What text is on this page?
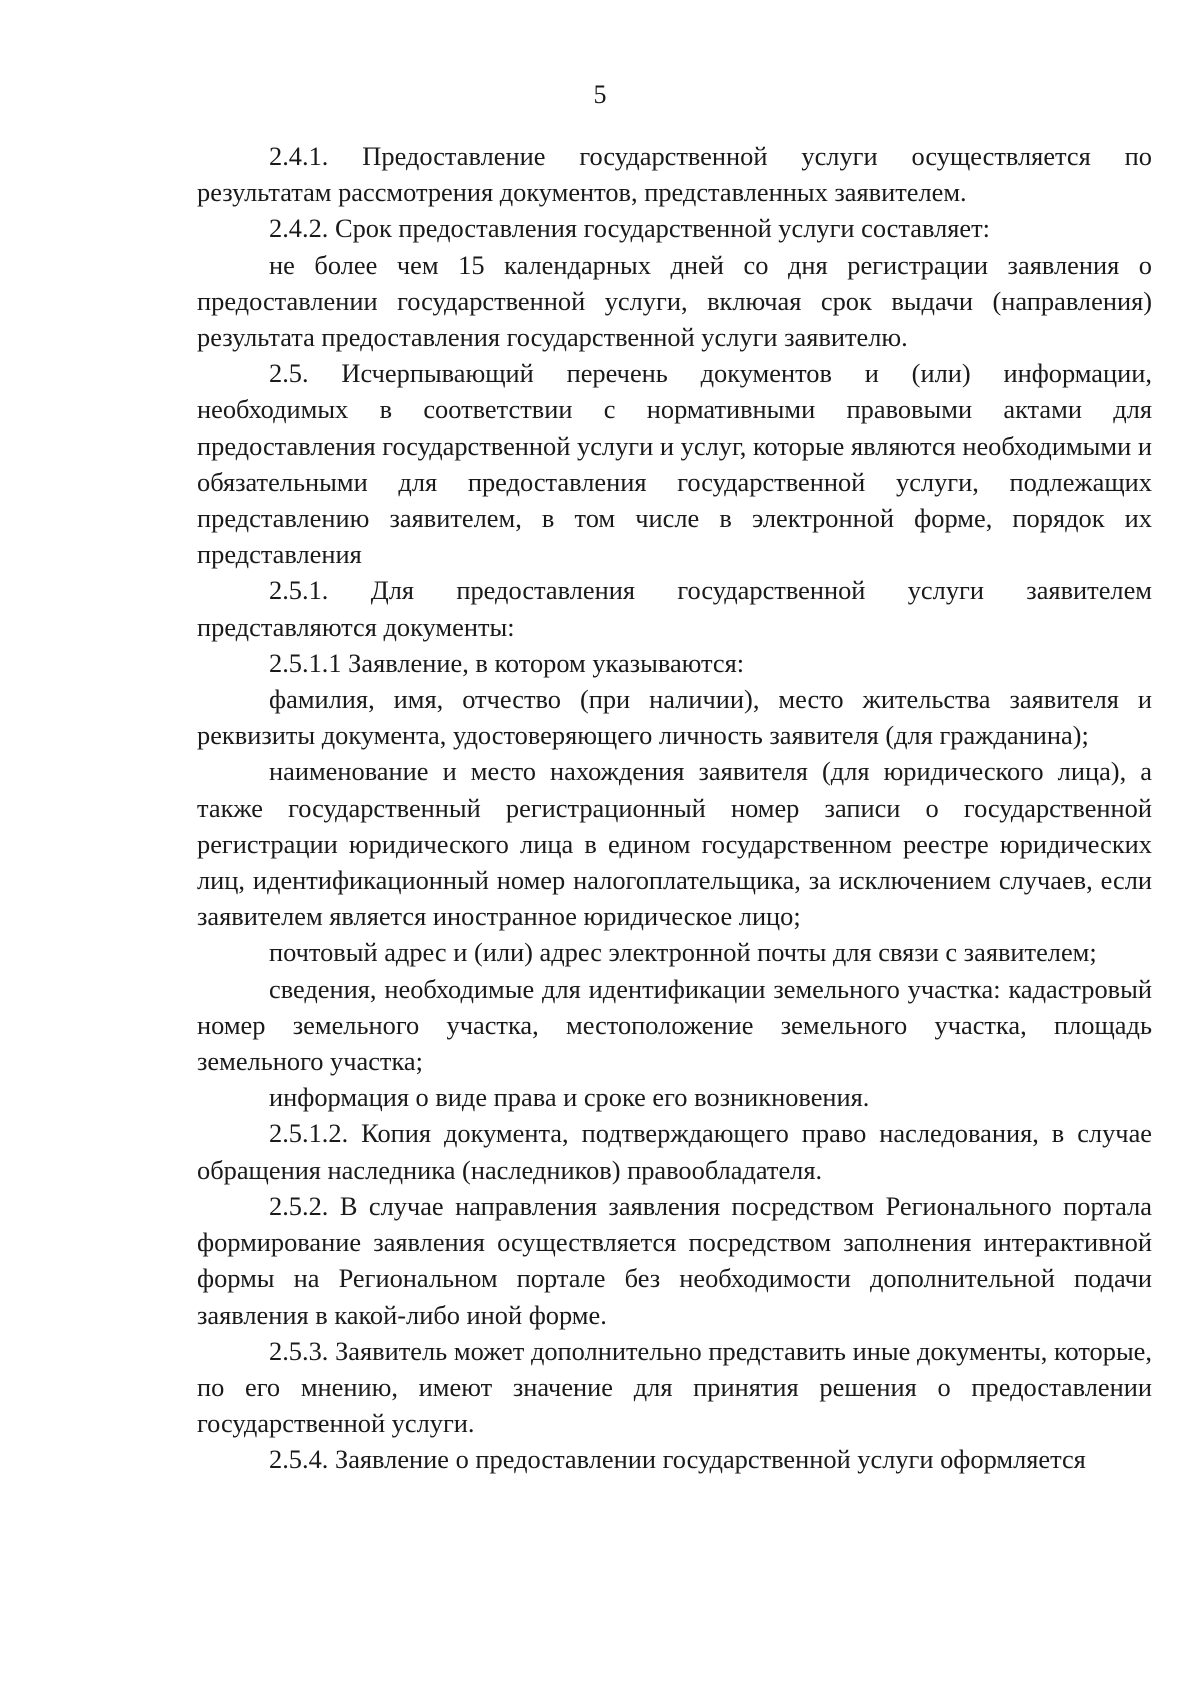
5

2.4.1. Предоставление государственной услуги осуществляется по результатам рассмотрения документов, представленных заявителем.

2.4.2. Срок предоставления государственной услуги составляет:

не более чем 15 календарных дней со дня регистрации заявления о предоставлении государственной услуги, включая срок выдачи (направления) результата предоставления государственной услуги заявителю.

2.5. Исчерпывающий перечень документов и (или) информации, необходимых в соответствии с нормативными правовыми актами для предоставления государственной услуги и услуг, которые являются необходимыми и обязательными для предоставления государственной услуги, подлежащих представлению заявителем, в том числе в электронной форме, порядок их представления

2.5.1. Для предоставления государственной услуги заявителем представляются документы:

2.5.1.1 Заявление, в котором указываются:

фамилия, имя, отчество (при наличии), место жительства заявителя и реквизиты документа, удостоверяющего личность заявителя (для гражданина);

наименование и место нахождения заявителя (для юридического лица), а также государственный регистрационный номер записи о государственной регистрации юридического лица в едином государственном реестре юридических лиц, идентификационный номер налогоплательщика, за исключением случаев, если заявителем является иностранное юридическое лицо;

почтовый адрес и (или) адрес электронной почты для связи с заявителем;

сведения, необходимые для идентификации земельного участка: кадастровый номер земельного участка, местоположение земельного участка, площадь земельного участка;

информация о виде права и сроке его возникновения.

2.5.1.2. Копия документа, подтверждающего право наследования, в случае обращения наследника (наследников) правообладателя.

2.5.2. В случае направления заявления посредством Регионального портала формирование заявления осуществляется посредством заполнения интерактивной формы на Региональном портале без необходимости дополнительной подачи заявления в какой-либо иной форме.

2.5.3. Заявитель может дополнительно представить иные документы, которые, по его мнению, имеют значение для принятия решения о предоставлении государственной услуги.

2.5.4. Заявление о предоставлении государственной услуги оформляется
